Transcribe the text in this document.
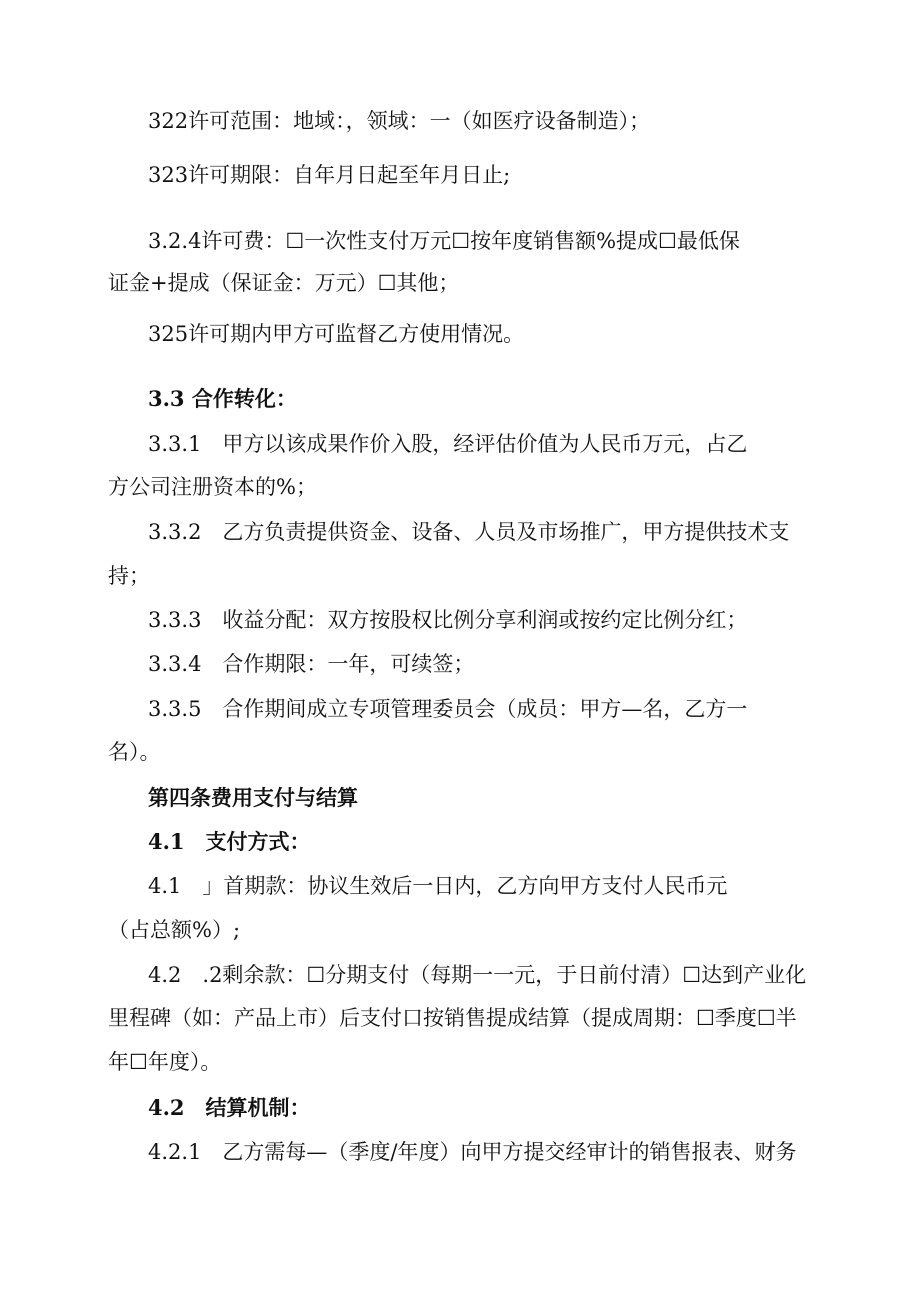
322许可范围：地域：，领域：一（如医疗设备制造）；
323许可期限：自年月日起至年月日止;
3.2.4许可费：☐一次性支付万元☐按年度销售额%提成☐最低保
证金+提成（保证金：万元）☐其他；
325许可期内甲方可监督乙方使用情况。
3.3 合作转化：
3.3.1　甲方以该成果作价入股，经评估价值为人民币万元，占乙
方公司注册资本的%；
3.3.2　乙方负责提供资金、设备、人员及市场推广，甲方提供技术支
持；
3.3.3　收益分配：双方按股权比例分享利润或按约定比例分红；
3.3.4　合作期限：一年，可续签；
3.3.5　合作期间成立专项管理委员会（成员：甲方—名，乙方一
名）。
第四条费用支付与结算
4.1　支付方式：
4.1　」首期款：协议生效后一日内，乙方向甲方支付人民币元
（占总额%）;
4.2　.2剩余款：☐分期支付（每期一一元，于日前付清）☐达到产业化
里程碑（如：产品上市）后支付口按销售提成结算（提成周期：☐季度☐半
年☐年度）。
4.2　结算机制：
4.2.1　乙方需每—（季度/年度）向甲方提交经审计的销售报表、财务
